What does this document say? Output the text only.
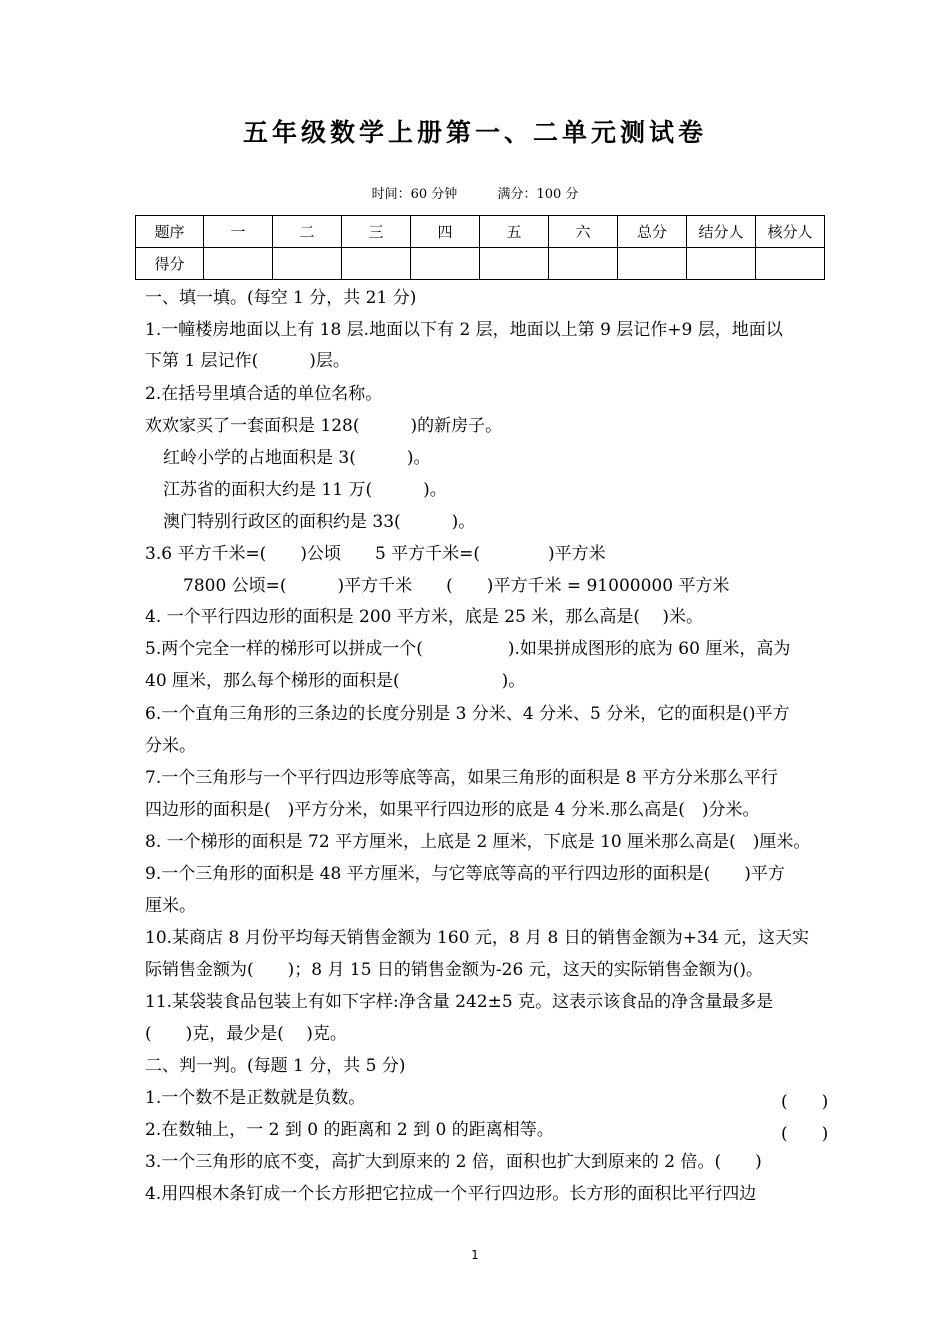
五年级数学上册第一、二单元测试卷
时间：60 分钟	满分：100 分
题序	一	二	三	四	五	六	总分	结分人	核分人
得分									
一、填一填。(每空 1 分，共 21 分)
1.一幢楼房地面以上有 18 层.地面以下有 2 层，地面以上第 9 层记作+9 层，地面以
下第 1 层记作(　　　)层。
2.在括号里填合适的单位名称。
欢欢家买了一套面积是 128(　　　)的新房子。
红岭小学的占地面积是 3(　　　)。
江苏省的面积大约是 11 万(　　　)。
澳门特别行政区的面积约是 33(　　　)。
3.6 平方千米=(　　)公顷　　5 平方千米=(　　　　)平方米
7800 公顷=(　　　)平方千米　　(　　)平方千米 = 91000000 平方米
4. 一个平行四边形的面积是 200 平方米，底是 25 米，那么高是(　 )米。
5.两个完全一样的梯形可以拼成一个(　　　　　).如果拼成图形的底为 60 厘米，高为
40 厘米，那么每个梯形的面积是(　　　　　　)。
6.一个直角三角形的三条边的长度分别是 3 分米、4 分米、5 分米，它的面积是()平方
分米。
7.一个三角形与一个平行四边形等底等高，如果三角形的面积是 8 平方分米那么平行
四边形的面积是(　)平方分米，如果平行四边形的底是 4 分米.那么高是(　)分米。
8. 一个梯形的面积是 72 平方厘米，上底是 2 厘米，下底是 10 厘米那么高是(　)厘米。
9.一个三角形的面积是 48 平方厘米，与它等底等高的平行四边形的面积是(　　)平方
厘米。
10.某商店 8 月份平均每天销售金额为 160 元，8 月 8 日的销售金额为+34 元，这天实
际销售金额为(　　)；8 月 15 日的销售金额为-26 元，这天的实际销售金额为()。
11.某袋装食品包装上有如下字样:净含量 242±5 克。这表示该食品的净含量最多是
(　　)克，最少是(　 )克。
二、判一判。(每题 1 分，共 5 分)
1.一个数不是正数就是负数。	(　　)
2.在数轴上，一 2 到 0 的距离和 2 到 0 的距离相等。	(　　)
3.一个三角形的底不变，高扩大到原来的 2 倍，面积也扩大到原来的 2 倍。(　　)
4.用四根木条钉成一个长方形把它拉成一个平行四边形。长方形的面积比平行四边
1
